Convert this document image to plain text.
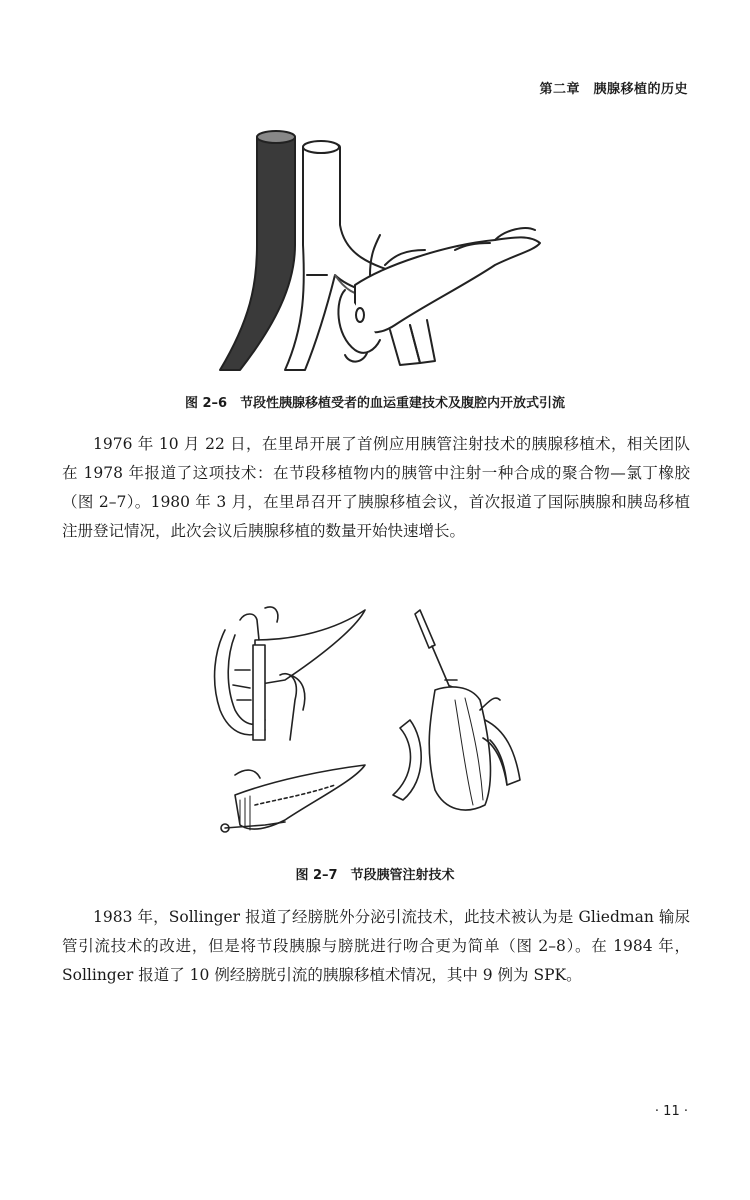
第二章　胰腺移植的历史
图 2–6　节段性胰腺移植受者的血运重建技术及腹腔内开放式引流

1976 年 10 月 22 日，在里昂开展了首例应用胰管注射技术的胰腺移植术，相关团队在 1978 年报道了这项技术：在节段移植物内的胰管中注射一种合成的聚合物—氯丁橡胶（图 2–7）。1980 年 3 月，在里昂召开了胰腺移植会议，首次报道了国际胰腺和胰岛移植注册登记情况，此次会议后胰腺移植的数量开始快速增长。

图 2–7　节段胰管注射技术

1983 年，Sollinger 报道了经膀胱外分泌引流技术，此技术被认为是 Gliedman 输尿管引流技术的改进，但是将节段胰腺与膀胱进行吻合更为简单（图 2–8）。在 1984 年，Sollinger 报道了 10 例经膀胱引流的胰腺移植术情况，其中 9 例为 SPK。

· 11 ·
